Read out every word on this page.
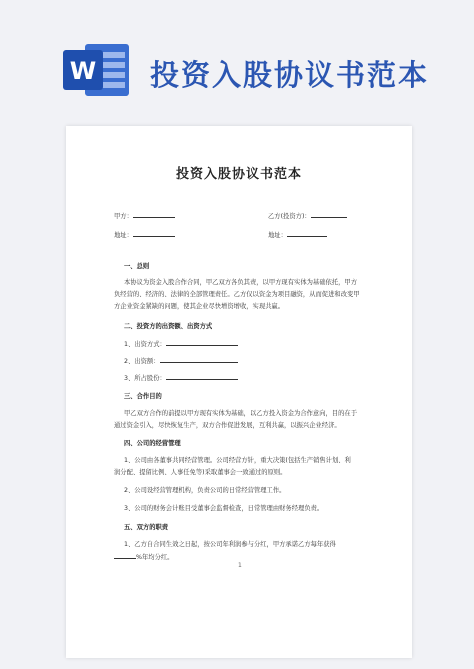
W 投资入股协议书范本
投资入股协议书范本
甲方：	乙方(投资方)：
地址：	地址：
一、总则
本协议为资金入股合作合同，甲乙双方各负其责，以甲方现有实体为基础依托，甲方
负经营的、经济的、法律的全部管理责任。乙方仅以资金为项目融资，从而促进和改变甲
方企业资金紧缺的问题，使其企业尽快增资增收，实现共赢。
二、投资方的出资额、出资方式
1、出资方式：
2、出资额：
3、所占股份：
三、合作目的
甲乙双方合作的前提以甲方现有实体为基础，以乙方投入资金为合作意向，目的在于
通过资金引入，尽快恢复生产，双方合作促进发展，互利共赢，以振兴企业经济。
四、公司的经营管理
1、公司由各董事共同经营管理。公司经营方针，重大决策(包括生产销售计划、利
润分配、提留比例、人事任免等)采取董事会一致通过的原则。
2、公司设经营管理机构，负责公司的日常经营管理工作。
3、公司的财务会计账目受董事会监督检查，日常管理由财务经理负责。
五、双方的职责
1、乙方自合同生效之日起，按公司年利润参与分红，甲方承诺乙方每年获得
%年均分红。
1
